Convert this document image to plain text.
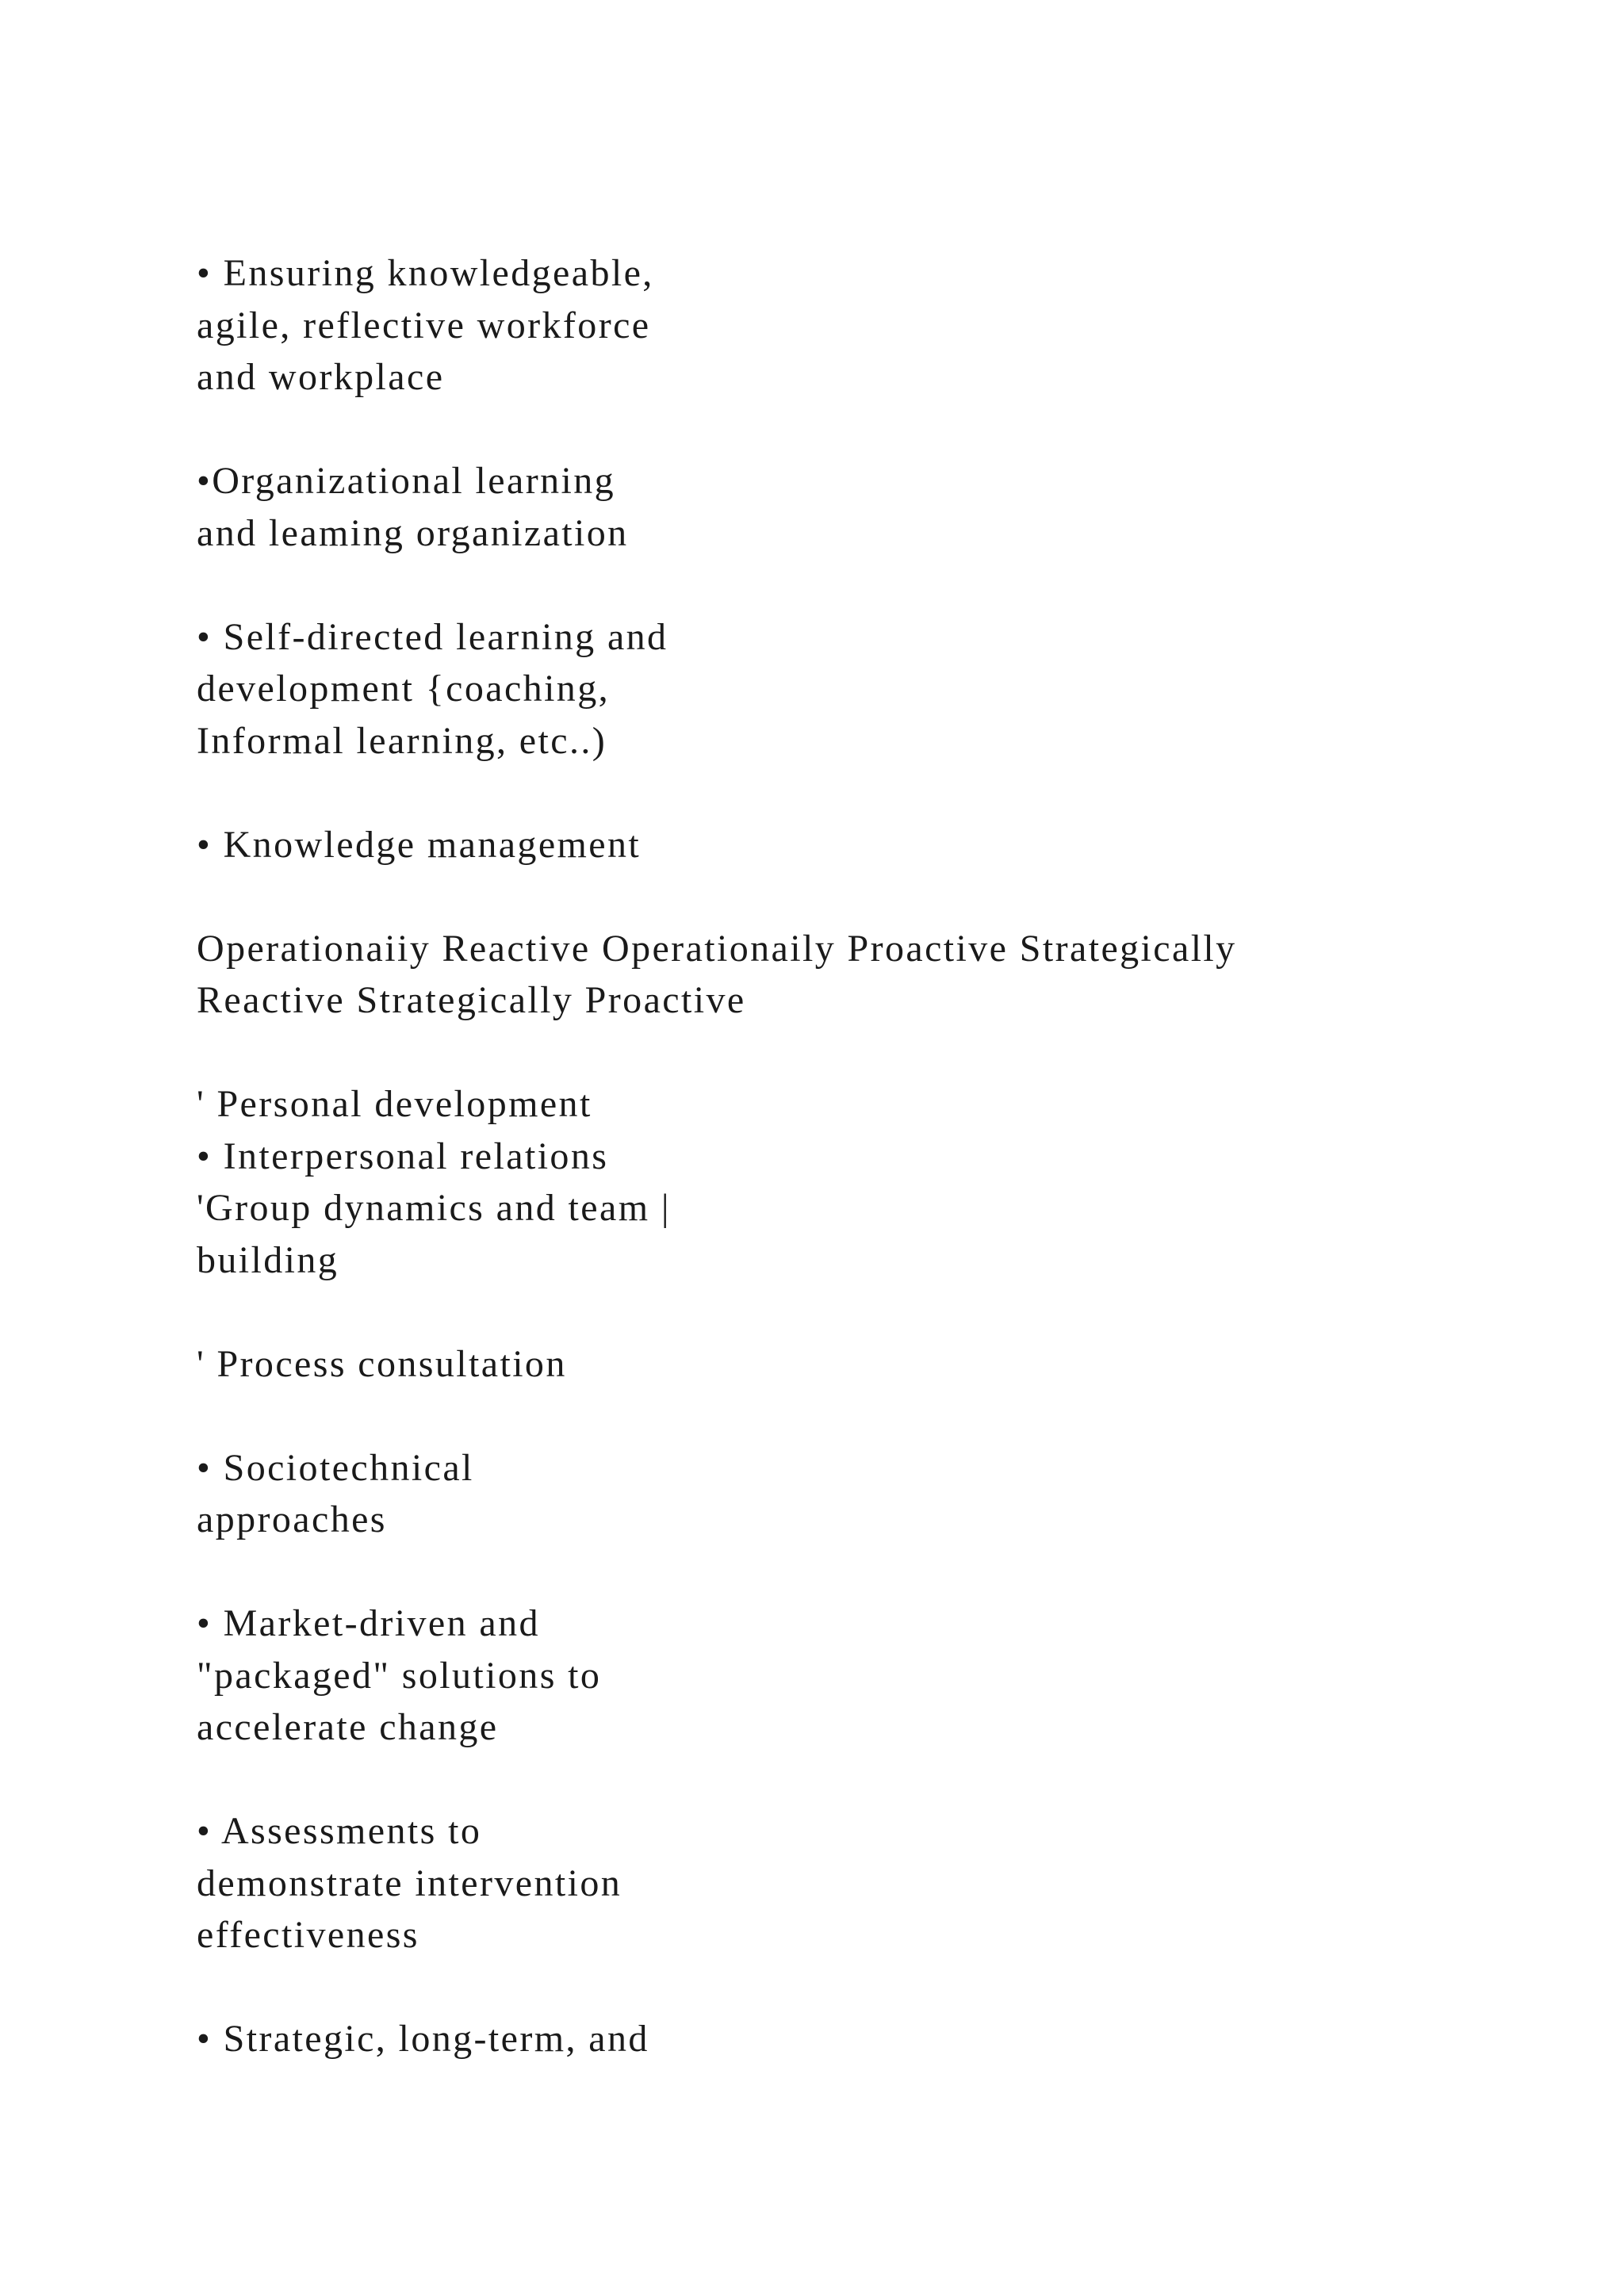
• Ensuring knowledgeable,
agile, reflective workforce
and workplace
•Organizational learning
and leaming organization
• Self-directed learning and
development {coaching,
Informal learning, etc..)
• Knowledge management
Operationaiiy Reactive Operationaily Proactive Strategically
Reactive Strategically Proactive
' Personal development
• Interpersonal relations
'Group dynamics and team |
building
' Process consultation
• Sociotechnical
approaches
• Market-driven and
"packaged" solutions to
accelerate change
• Assessments to
demonstrate intervention
effectiveness
• Strategic, long-term, and
